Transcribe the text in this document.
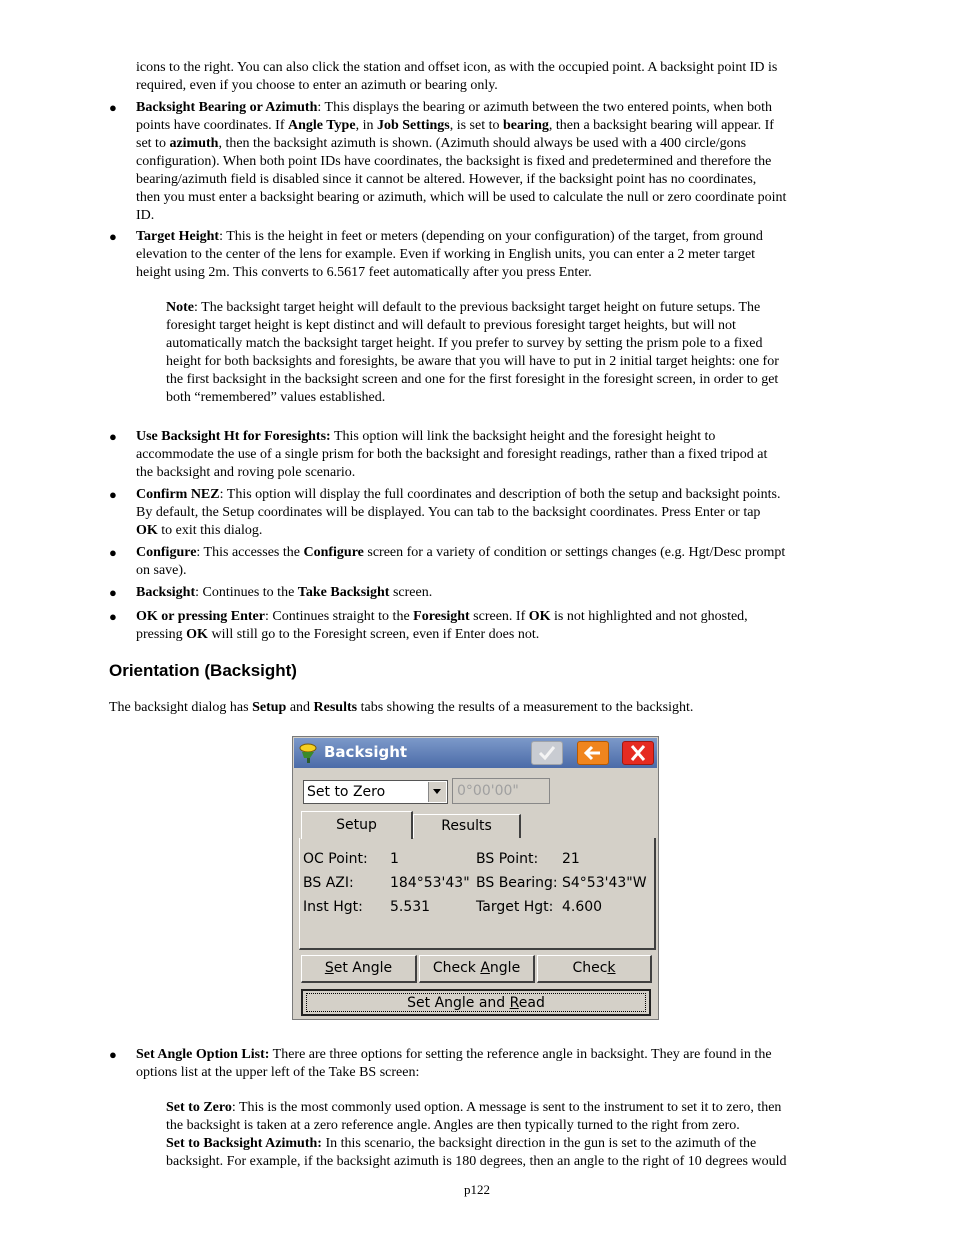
icons to the right. You can also click the station and offset icon, as with the occupied point. A backsight point ID is
required, even if you choose to enter an azimuth or bearing only.
● Backsight Bearing or Azimuth: This displays the bearing or azimuth between the two entered points, when both
points have coordinates. If Angle Type, in Job Settings, is set to bearing, then a backsight bearing will appear. If
set to azimuth, then the backsight azimuth is shown. (Azimuth should always be used with a 400 circle/gons
configuration). When both point IDs have coordinates, the backsight is fixed and predetermined and therefore the
bearing/azimuth field is disabled since it cannot be altered. However, if the backsight point has no coordinates,
then you must enter a backsight bearing or azimuth, which will be used to calculate the null or zero coordinate point
ID.
● Target Height: This is the height in feet or meters (depending on your configuration) of the target, from ground
elevation to the center of the lens for example. Even if working in English units, you can enter a 2 meter target
height using 2m. This converts to 6.5617 feet automatically after you press Enter.
Note: The backsight target height will default to the previous backsight target height on future setups. The
foresight target height is kept distinct and will default to previous foresight target heights, but will not
automatically match the backsight target height. If you prefer to survey by setting the prism pole to a fixed
height for both backsights and foresights, be aware that you will have to put in 2 initial target heights: one for
the first backsight in the backsight screen and one for the first foresight in the foresight screen, in order to get
both “remembered” values established.
● Use Backsight Ht for Foresights: This option will link the backsight height and the foresight height to
accommodate the use of a single prism for both the backsight and foresight readings, rather than a fixed tripod at
the backsight and roving pole scenario.
● Confirm NEZ: This option will display the full coordinates and description of both the setup and backsight points.
By default, the Setup coordinates will be displayed. You can tab to the backsight coordinates. Press Enter or tap
OK to exit this dialog.
● Configure: This accesses the Configure screen for a variety of condition or settings changes (e.g. Hgt/Desc prompt
on save).
● Backsight: Continues to the Take Backsight screen.
● OK or pressing Enter: Continues straight to the Foresight screen. If OK is not highlighted and not ghosted,
pressing OK will still go to the Foresight screen, even if Enter does not.
Orientation (Backsight)
The backsight dialog has Setup and Results tabs showing the results of a measurement to the backsight.
Backsight
Set to Zero	0°00'00"
Setup	Results
OC Point: 1	BS Point: 21
BS AZI:	184°53'43" BS Bearing: S4°53'43"W
Inst Hgt: 5.531	Target Hgt: 4.600
Set Angle	Check Angle	Check
Set Angle and Read
● Set Angle Option List: There are three options for setting the reference angle in backsight. They are found in the
options list at the upper left of the Take BS screen:
Set to Zero: This is the most commonly used option. A message is sent to the instrument to set it to zero, then
the backsight is taken at a zero reference angle. Angles are then typically turned to the right from zero.
Set to Backsight Azimuth: In this scenario, the backsight direction in the gun is set to the azimuth of the
backsight. For example, if the backsight azimuth is 180 degrees, then an angle to the right of 10 degrees would
p122
